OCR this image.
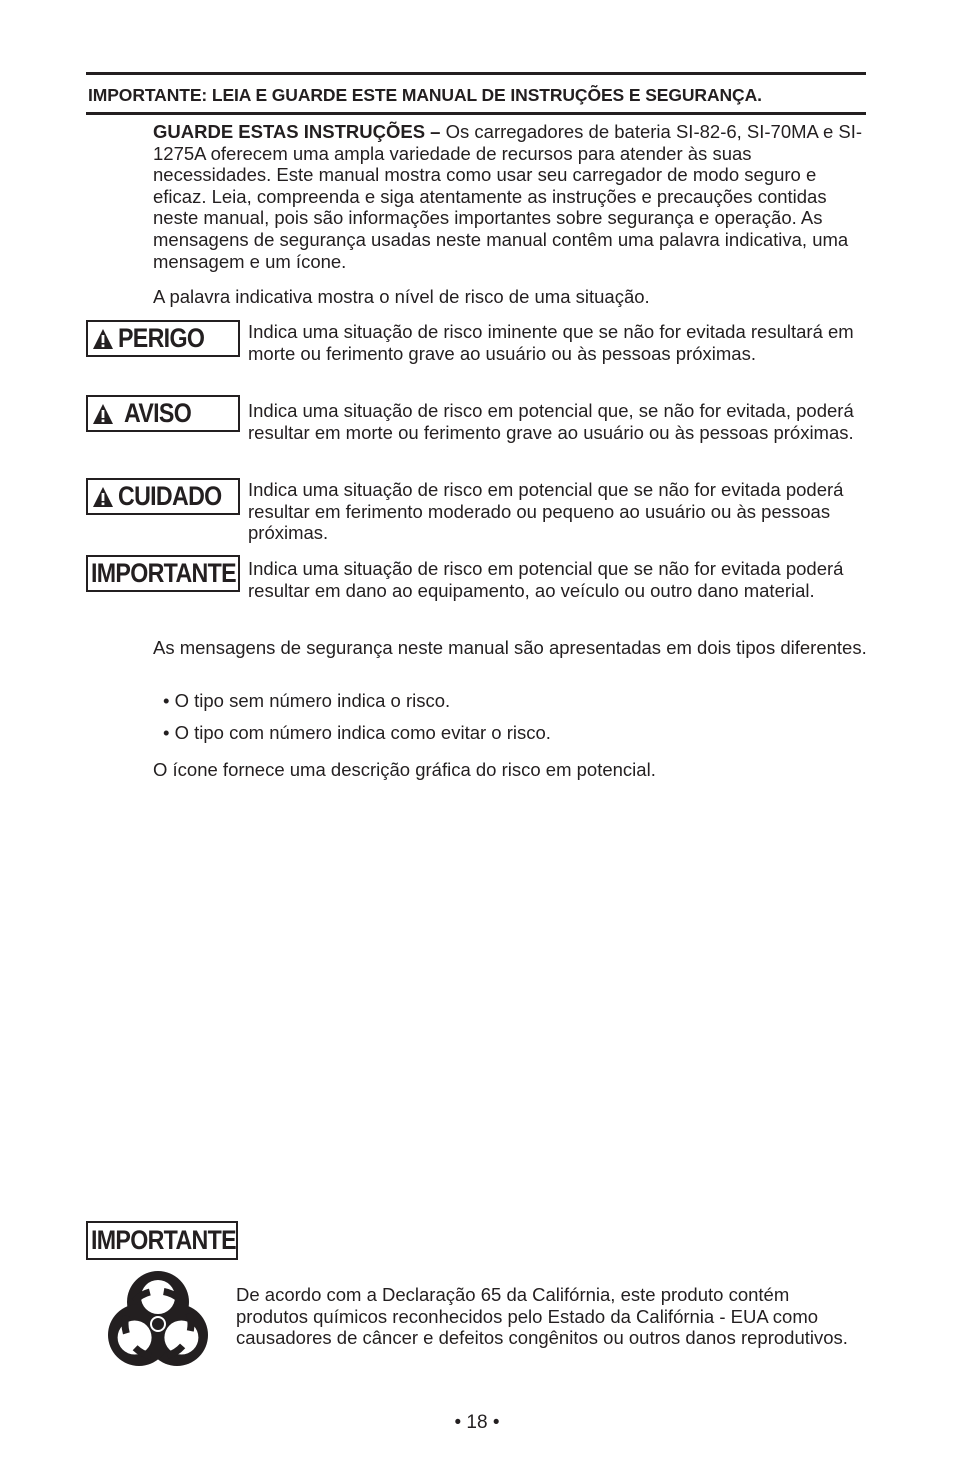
IMPORTANTE: LEIA E GUARDE ESTE MANUAL DE INSTRUÇÕES E SEGURANÇA.
GUARDE ESTAS INSTRUÇÕES – Os carregadores de bateria SI-82-6, SI-70MA e SI-1275A oferecem uma ampla variedade de recursos para atender às suas necessidades. Este manual mostra como usar seu carregador de modo seguro e eficaz. Leia, compreenda e siga atentamente as instruções e precauções contidas neste manual, pois são informações importantes sobre segurança e operação. As mensagens de segurança usadas neste manual contêm uma palavra indicativa, uma mensagem e um ícone.
A palavra indicativa mostra o nível de risco de uma situação.
PERIGO Indica uma situação de risco iminente que se não for evitada resultará em morte ou ferimento grave ao usuário ou às pessoas próximas.
AVISO	Indica uma situação de risco em potencial que, se não for evitada, poderá resultar em morte ou ferimento grave ao usuário ou às pessoas próximas.
CUIDADO Indica uma situação de risco em potencial que se não for evitada poderá resultar em ferimento moderado ou pequeno ao usuário ou às pessoas próximas.
IMPORTANTE Indica uma situação de risco em potencial que se não for evitada poderá resultar em dano ao equipamento, ao veículo ou outro dano material.
As mensagens de segurança neste manual são apresentadas em dois tipos diferentes.
• O tipo sem número indica o risco.
• O tipo com número indica como evitar o risco.
O ícone fornece uma descrição gráfica do risco em potencial.
IMPORTANTE
De acordo com a Declaração 65 da Califórnia, este produto contém produtos químicos reconhecidos pelo Estado da Califórnia - EUA como causadores de câncer e defeitos congênitos ou outros danos reprodutivos.
• 18 •
